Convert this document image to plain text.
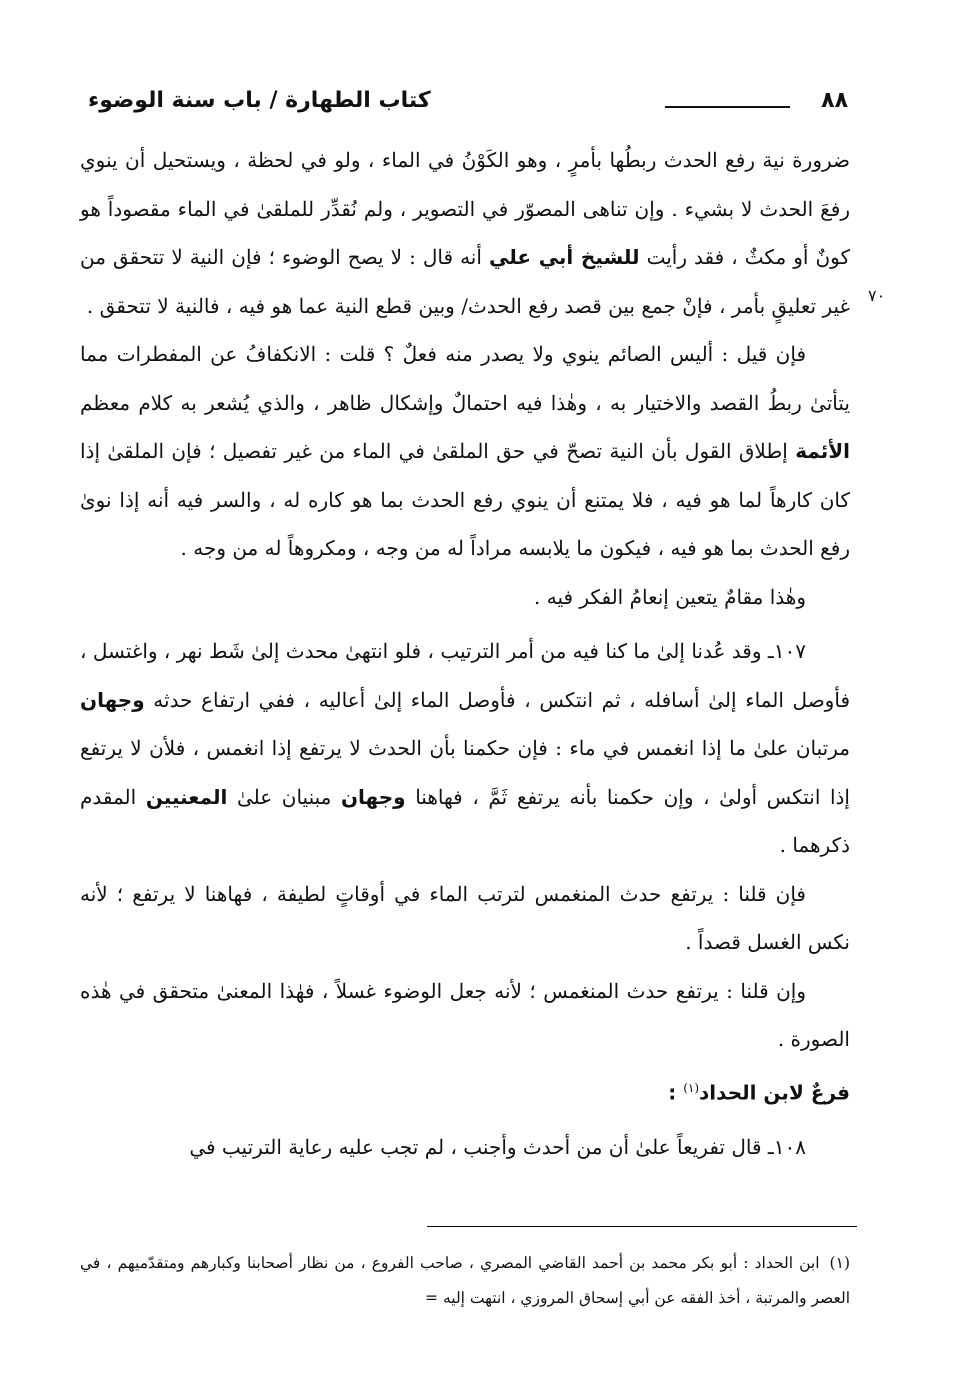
٨٨
كتاب الطهارة / باب سنة الوضوء
٧٠

ضرورة نية رفع الحدث ربطُها بأمرٍ ، وهو الكَوْنُ في الماء ، ولو في لحظة ، ويستحيل أن ينوي رفعَ الحدث لا بشيء . وإن تناهى المصوّر في التصوير ، ولم نُقدِّر للملقىٰ في الماء مقصوداً هو كونٌ أو مكثٌ ، فقد رأيت للشيخ أبي علي أنه قال : لا يصح الوضوء ؛ فإن النية لا تتحقق من غير تعليقٍ بأمر ، فإنْ جمع بين قصد رفع الحدث/ وبين قطع النية عما هو فيه ، فالنية لا تتحقق .

فإن قيل : أليس الصائم ينوي ولا يصدر منه فعلٌ ؟ قلت : الانكفافُ عن المفطرات مما يتأتىٰ ربطُ القصد والاختيار به ، وهٰذا فيه احتمالٌ وإشكال ظاهر ، والذي يُشعر به كلام معظم الأئمة إطلاق القول بأن النية تصحّ في حق الملقىٰ في الماء من غير تفصيل ؛ فإن الملقىٰ إذا كان كارهاً لما هو فيه ، فلا يمتنع أن ينوي رفع الحدث بما هو كاره له ، والسر فيه أنه إذا نوىٰ رفع الحدث بما هو فيه ، فيكون ما يلابسه مراداً له من وجه ، ومكروهاً له من وجه .

وهٰذا مقامٌ يتعين إنعامُ الفكر فيه .

١٠٧ـ وقد عُدنا إلىٰ ما كنا فيه من أمر الترتيب ، فلو انتهىٰ محدث إلىٰ شَط نهر ، واغتسل ، فأوصل الماء إلىٰ أسافله ، ثم انتكس ، فأوصل الماء إلىٰ أعاليه ، ففي ارتفاع حدثه وجهان مرتبان علىٰ ما إذا انغمس في ماء : فإن حكمنا بأن الحدث لا يرتفع إذا انغمس ، فلأن لا يرتفع إذا انتكس أولىٰ ، وإن حكمنا بأنه يرتفع ثَمَّ ، فهاهنا وجهان مبنيان علىٰ المعنيين المقدم ذكرهما .

فإن قلنا : يرتفع حدث المنغمس لترتب الماء في أوقاتٍ لطيفة ، فهاهنا لا يرتفع ؛ لأنه نكس الغسل قصداً .

وإن قلنا : يرتفع حدث المنغمس ؛ لأنه جعل الوضوء غسلاً ، فهٰذا المعنىٰ متحقق في هٰذه الصورة .

فرعٌ لابن الحداد$^{(١)}$ :

١٠٨ـ قال تفريعاً علىٰ أن من أحدث وأجنب ، لم تجب عليه رعاية الترتيب في

(١)ابن الحداد : أبو بكر محمد بن أحمد القاضي المصري ، صاحب الفروع ، من نظار أصحابنا وكبارهم ومتقدّميهم ، في العصر والمرتبة ، أخذ الفقه عن أبي إسحاق المروزي ، انتهت إليه =
